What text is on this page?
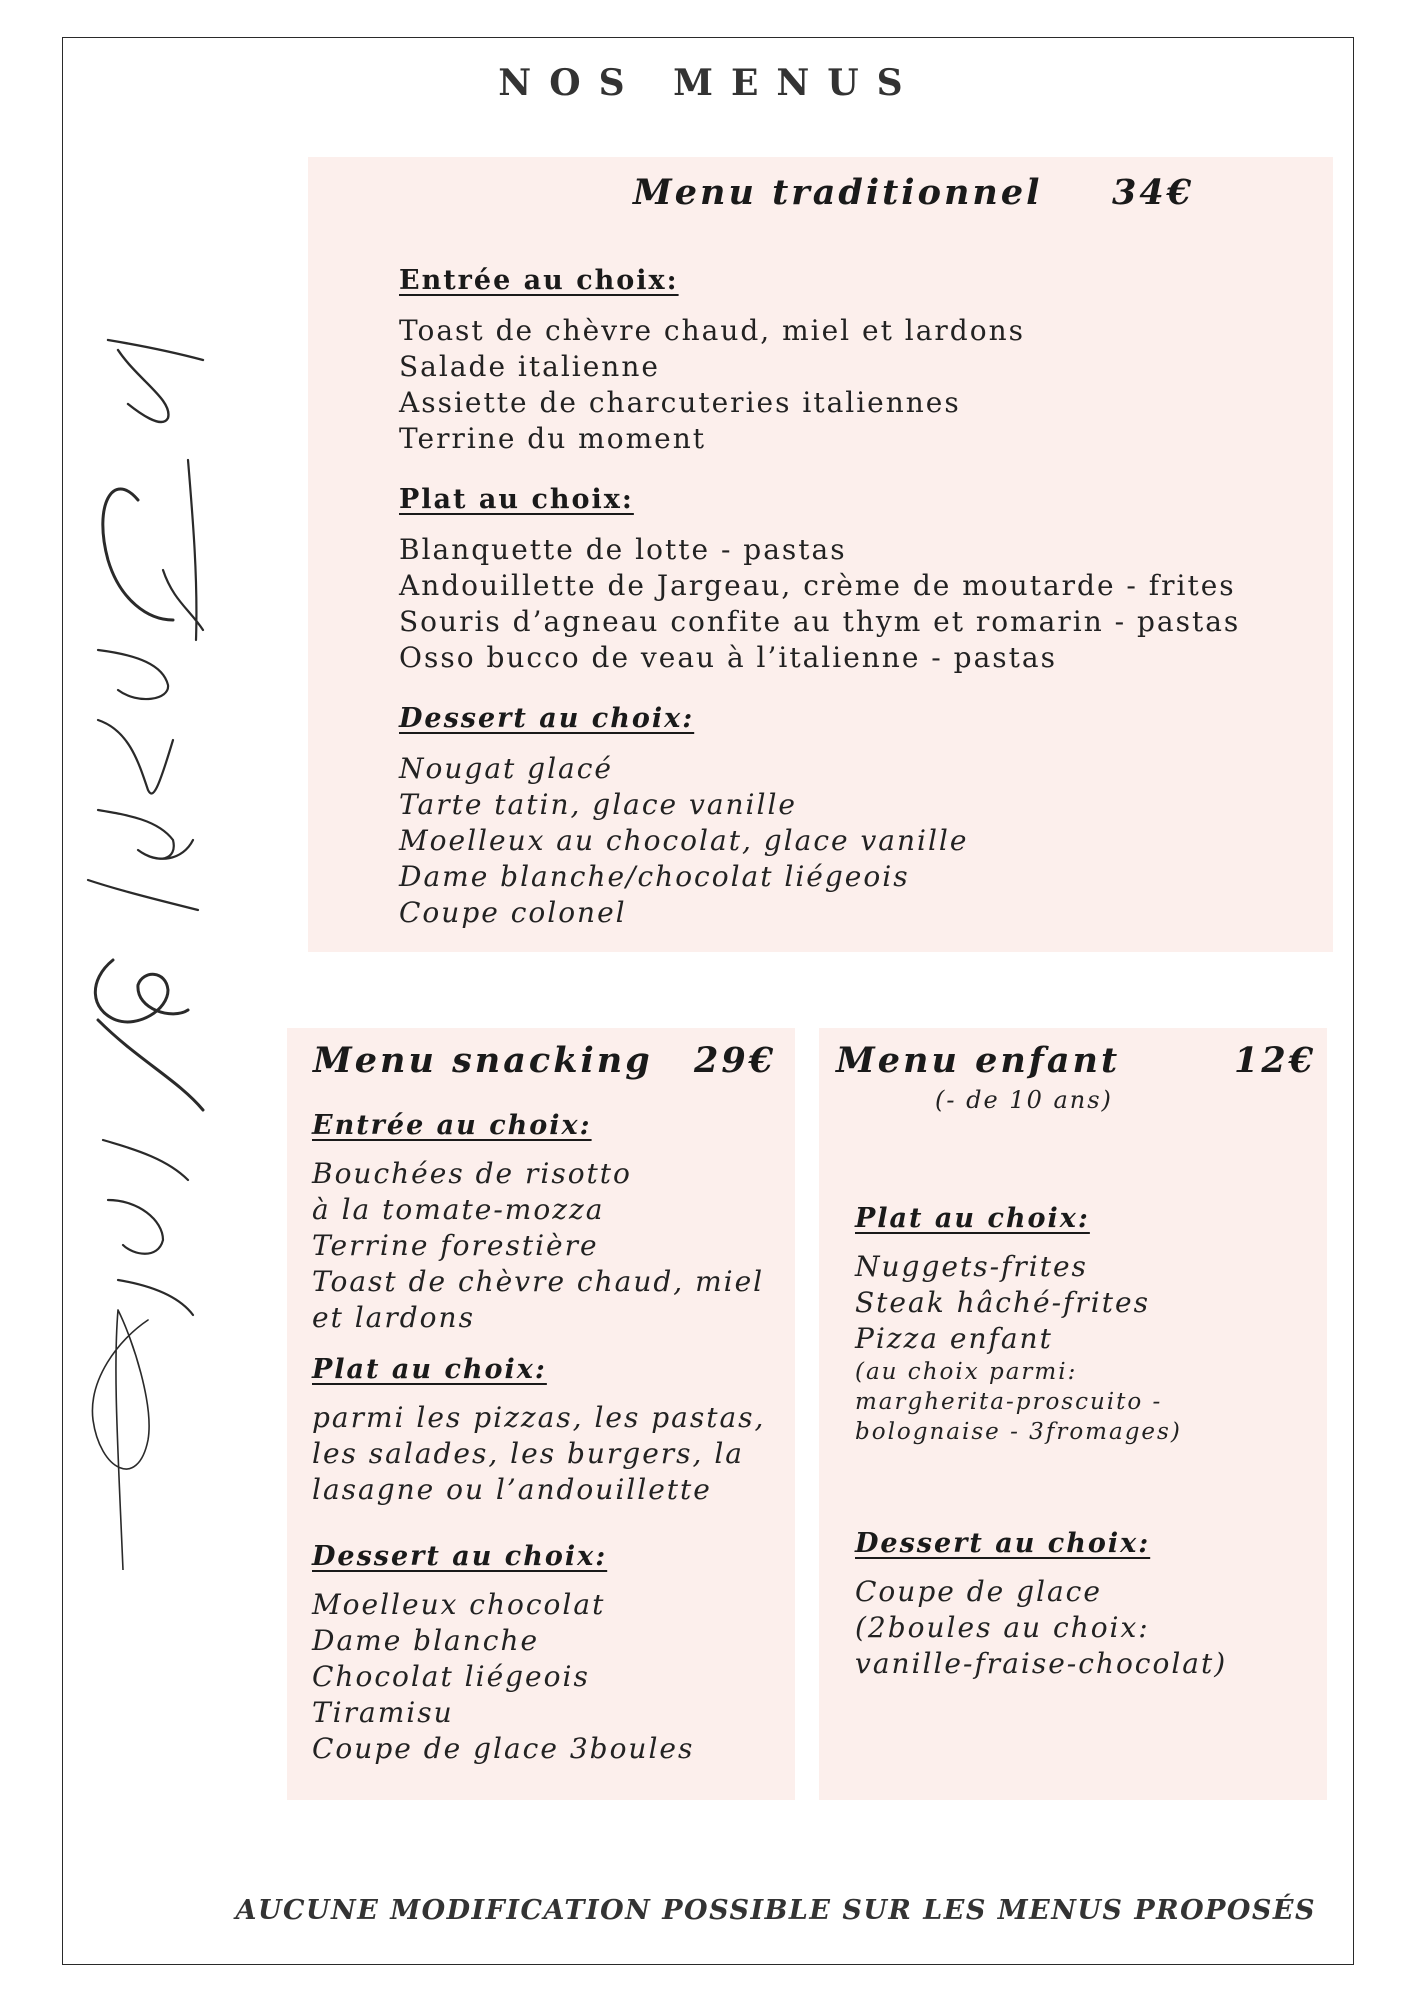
NOS MENUS
Menu traditionnel 34€
Entrée au choix:
Toast de chèvre chaud, miel et lardons
Salade italienne
Assiette de charcuteries italiennes
Terrine du moment
Plat au choix:
Blanquette de lotte - pastas
Andouillette de Jargeau, crème de moutarde - frites
Souris d’agneau confite au thym et romarin - pastas
Osso bucco de veau à l’italienne - pastas
Dessert au choix:
Nougat glacé
Tarte tatin, glace vanille
Moelleux au chocolat, glace vanille
Dame blanche/chocolat liégeois
Coupe colonel
Menu snacking 29€
Entrée au choix:
Bouchées de risotto
à la tomate-mozza
Terrine forestière
Toast de chèvre chaud, miel
et lardons
Plat au choix:
parmi les pizzas, les pastas,
les salades, les burgers, la
lasagne ou l’andouillette
Dessert au choix:
Moelleux chocolat
Dame blanche
Chocolat liégeois
Tiramisu
Coupe de glace 3boules
Menu enfant	12€
(- de 10 ans)
Plat au choix:
Nuggets-frites
Steak hâché-frites
Pizza enfant
(au choix parmi:
margherita-proscuito -
bolognaise - 3fromages)
Dessert au choix:
Coupe de glace
(2boules au choix:
vanille-fraise-chocolat)
AUCUNE MODIFICATION POSSIBLE SUR LES MENUS PROPOSÉS
